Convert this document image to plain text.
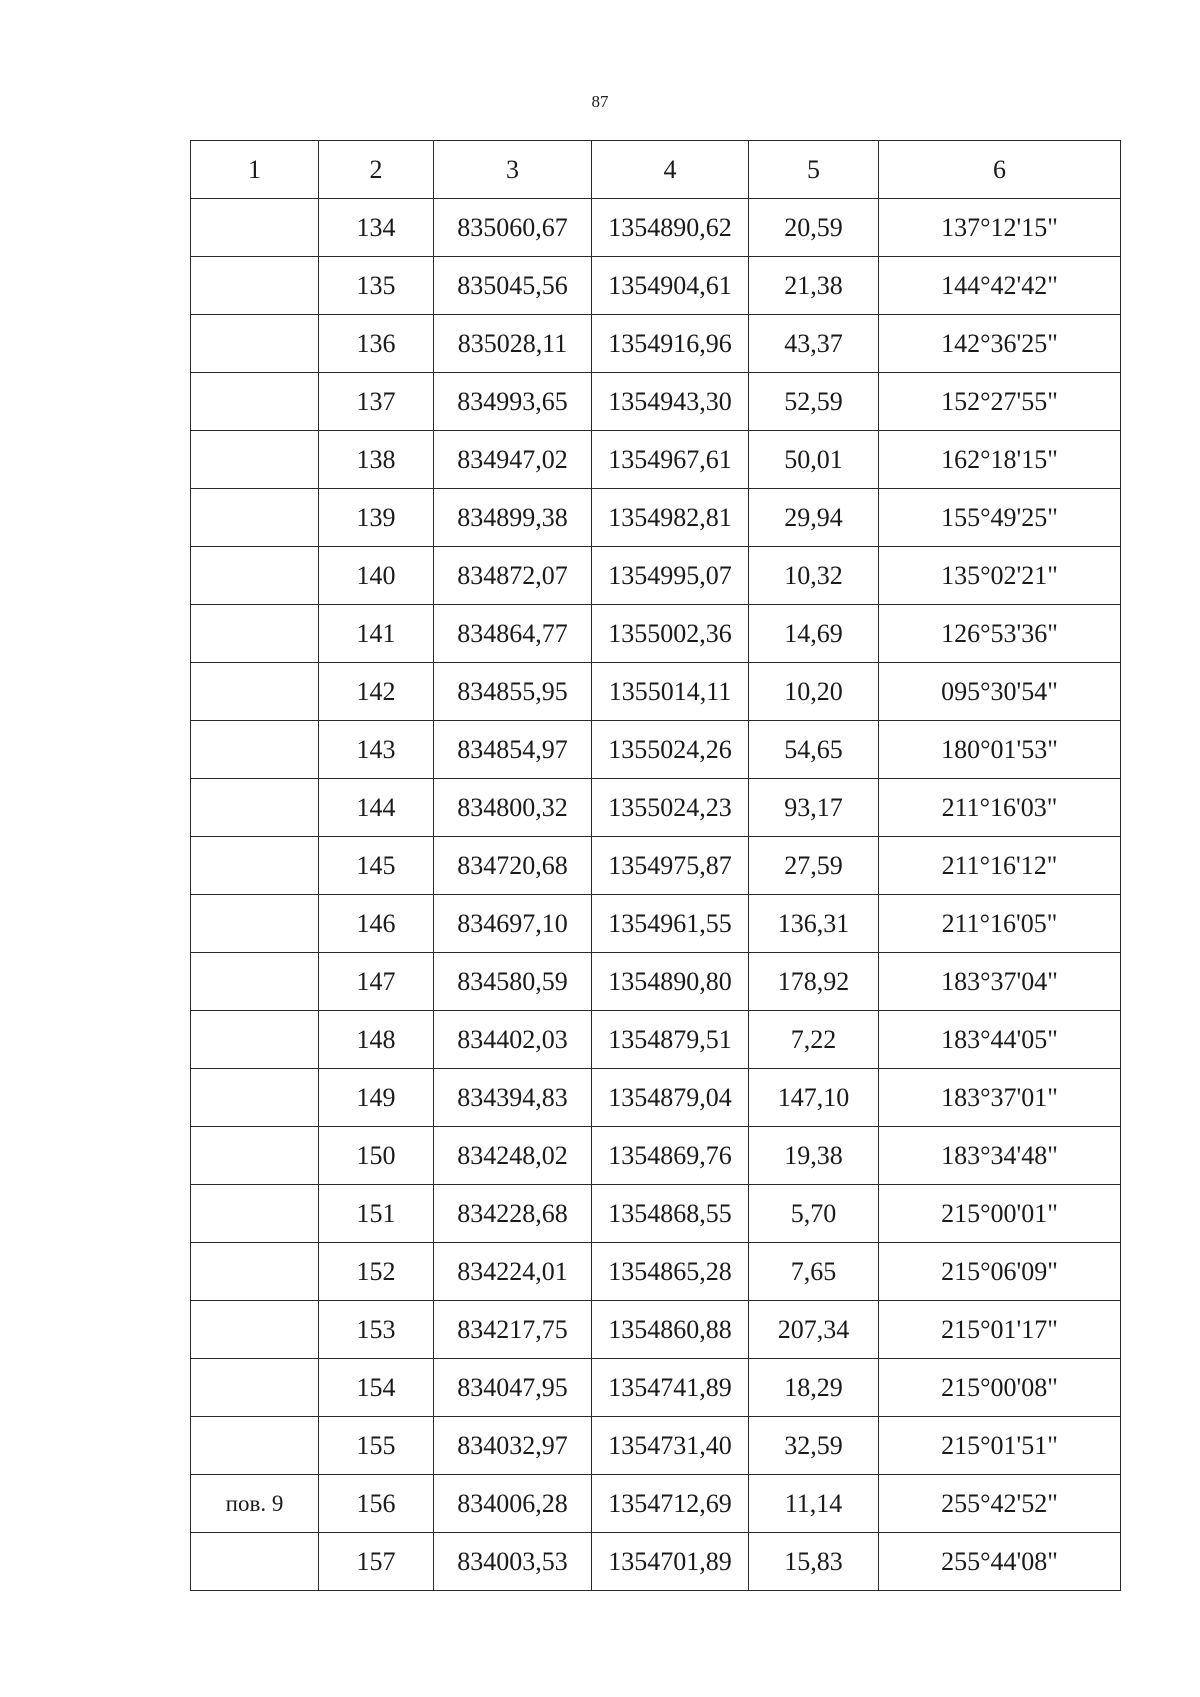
87
1	2	3	4	5	6
	134	835060,67	1354890,62	20,59	137°12'15"
	135	835045,56	1354904,61	21,38	144°42'42"
	136	835028,11	1354916,96	43,37	142°36'25"
	137	834993,65	1354943,30	52,59	152°27'55"
	138	834947,02	1354967,61	50,01	162°18'15"
	139	834899,38	1354982,81	29,94	155°49'25"
	140	834872,07	1354995,07	10,32	135°02'21"
	141	834864,77	1355002,36	14,69	126°53'36"
	142	834855,95	1355014,11	10,20	095°30'54"
	143	834854,97	1355024,26	54,65	180°01'53"
	144	834800,32	1355024,23	93,17	211°16'03"
	145	834720,68	1354975,87	27,59	211°16'12"
	146	834697,10	1354961,55	136,31	211°16'05"
	147	834580,59	1354890,80	178,92	183°37'04"
	148	834402,03	1354879,51	7,22	183°44'05"
	149	834394,83	1354879,04	147,10	183°37'01"
	150	834248,02	1354869,76	19,38	183°34'48"
	151	834228,68	1354868,55	5,70	215°00'01"
	152	834224,01	1354865,28	7,65	215°06'09"
	153	834217,75	1354860,88	207,34	215°01'17"
	154	834047,95	1354741,89	18,29	215°00'08"
	155	834032,97	1354731,40	32,59	215°01'51"
пов. 9	156	834006,28	1354712,69	11,14	255°42'52"
	157	834003,53	1354701,89	15,83	255°44'08"
